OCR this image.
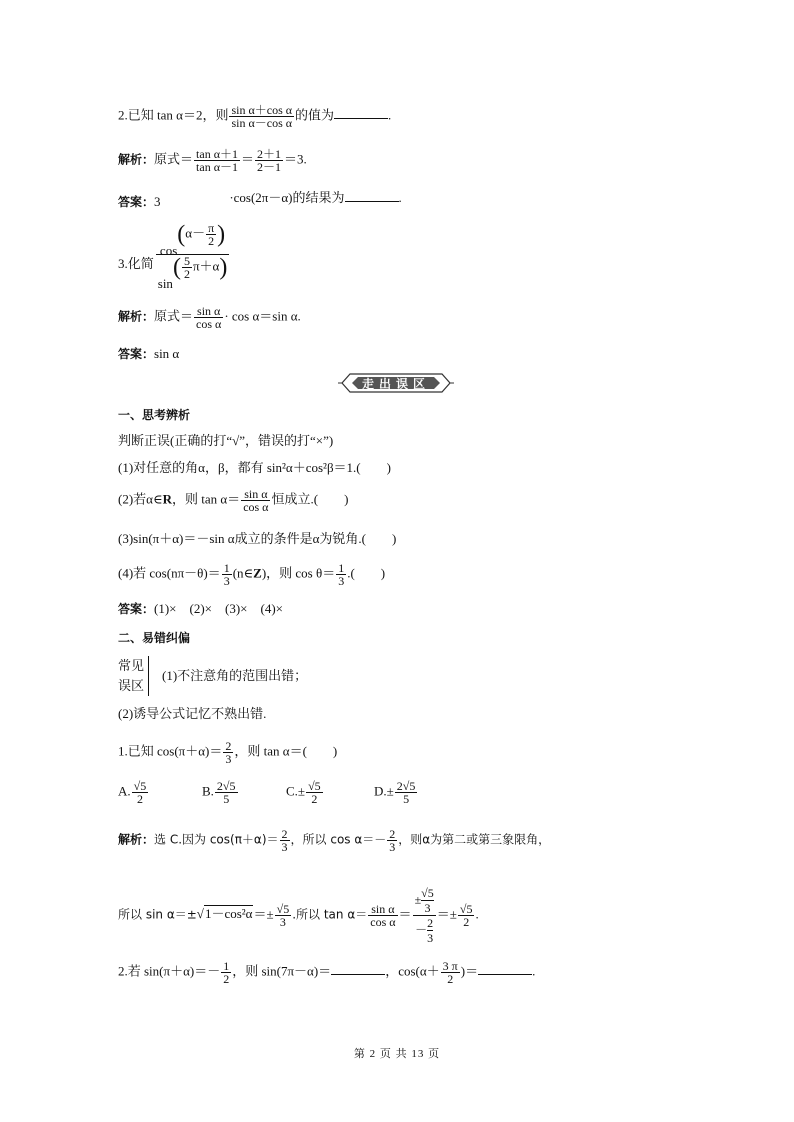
2.已知 tan α＝2，则 $\frac{\text{sin α＋cos α}}{\text{sin α－cos α}}$ 的值为	.
解析：原式＝ $\frac{\text{tan α＋1}}{\text{tan α－1}} = \frac{2+1}{2-1} =3$.
答案：3
3.化简 $\frac{\cos(\alpha- \frac{\pi}{2} )}{\sin( \frac{5}{2} \pi+\alpha)}$
·cos(2π－α)的结果为	.
解析：原式＝ $\frac{\text{sin α}}{\text{cos α}} \cdot \cos \alpha=\sin$ α.
答案：sin α
走出误区
一、思考辨析
判断正误(正确的打“√”，错误的打“×”)
(1)对任意的角α，β，都有 sin²α＋cos²β＝1.(　　)
(2)若α∈R，则 $\tan \alpha= \frac{\text{sin α}}{\text{cos α}}$ 恒成立.(　　)
(3)sin(π＋α)＝－sin α成立的条件是α为锐角.(　　)
(4)若 $\cos(n\pi-\theta)= \frac{1}{3}$ (n∈Z)，则 $\cos \theta= \frac{1}{3}$ .(　　)
答案：(1)×　(2)×　(3)×　(4)×
二、易错纠偏
常见
误区
(1)不注意角的范围出错；
(2)诱导公式记忆不熟出错.
1.已知 $\cos(\pi+\alpha)= \frac{2}{3}$ ，则 tan α＝(　　)
A. $\frac{√5}{2}$	B. $\frac{2√5}{5}$	$C.\pm \frac{√5}{2}$	$D.\pm \frac{2√5}{5}$
解析：选 C.因为 $\cos(\pi+\alpha)= \frac{2}{3}$ ，所以 $\cos \alpha=- \frac{2}{3}$ ，则α为第二或第三象限角，
所以 $\sin \alpha=\pm√1-\cos^2\alpha=\pm \frac{√5}{3}$ .所以 $\tan \alpha= \frac{\text{sin α}}{\text{cos α}} = \frac{\pm \frac{√5}{3}}{- \frac{2}{3}} =\pm \frac{√5}{2}$ .
2.若 $\sin(\pi+\alpha)=- \frac{1}{2}$ ，则 sin(7π－α)＝	，$\cos(\alpha+ \frac{3 \pi}{2}$ )＝	.
第 2 页 共 13 页
